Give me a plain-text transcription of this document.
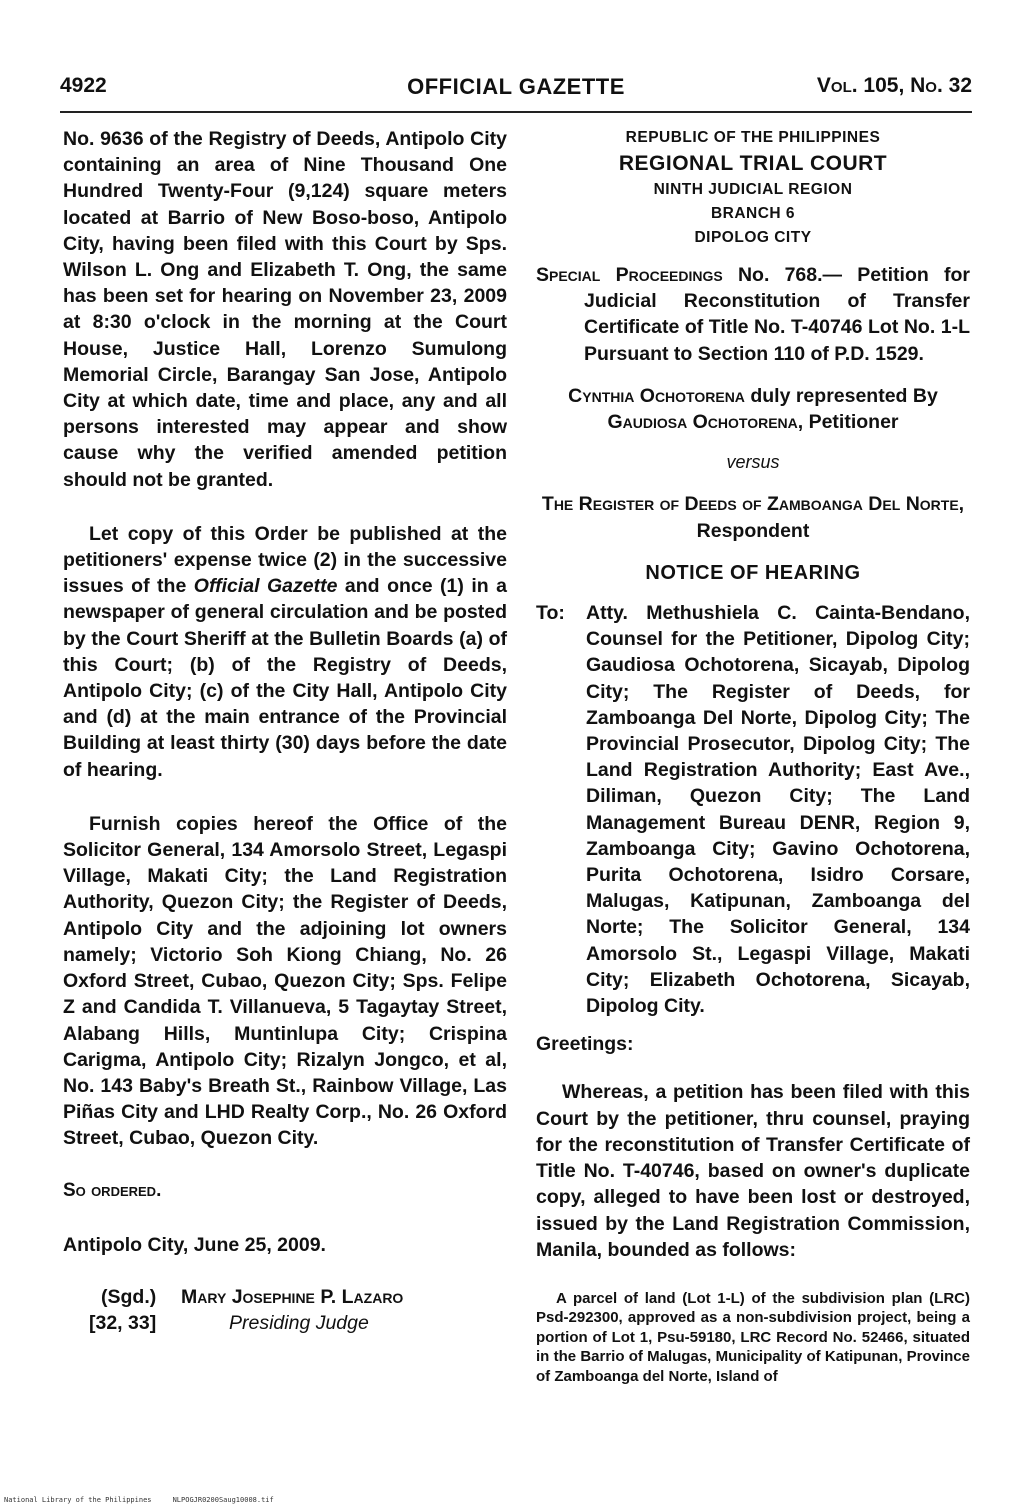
4922	OFFICIAL GAZETTE	Vol. 105, No. 32

No. 9636 of the Registry of Deeds, Antipolo City containing an area of Nine Thousand One Hundred Twenty-Four (9,124) square meters located at Barrio of New Boso-boso, Antipolo City, having been filed with this Court by Sps. Wilson L. Ong and Elizabeth T. Ong, the same has been set for hearing on November 23, 2009 at 8:30 o'clock in the morning at the Court House, Justice Hall, Lorenzo Sumulong Memorial Circle, Barangay San Jose, Antipolo City at which date, time and place, any and all persons interested may appear and show cause why the verified amended petition should not be granted.

Let copy of this Order be published at the petitioners' expense twice (2) in the successive issues of the Official Gazette and once (1) in a newspaper of general circulation and be posted by the Court Sheriff at the Bulletin Boards (a) of this Court; (b) of the Registry of Deeds, Antipolo City; (c) of the City Hall, Antipolo City and (d) at the main entrance of the Provincial Building at least thirty (30) days before the date of hearing.

Furnish copies hereof the Office of the Solicitor General, 134 Amorsolo Street, Legaspi Village, Makati City; the Land Registration Authority, Quezon City; the Register of Deeds, Antipolo City and the adjoining lot owners namely; Victorio Soh Kiong Chiang, No. 26 Oxford Street, Cubao, Quezon City; Sps. Felipe Z and Candida T. Villanueva, 5 Tagaytay Street, Alabang Hills, Muntinlupa City; Crispina Carigma, Antipolo City; Rizalyn Jongco, et al, No. 143 Baby's Breath St., Rainbow Village, Las Piñas City and LHD Realty Corp., No. 26 Oxford Street, Cubao, Quezon City.

So ordered.

Antipolo City, June 25, 2009.

(Sgd.) Mary Josephine P. Lazaro
[32, 33]	Presiding Judge
REPUBLIC OF THE PHILIPPINES
REGIONAL TRIAL COURT
NINTH JUDICIAL REGION
BRANCH 6
DIPOLOG CITY

Special Proceedings No. 768.— Petition for Judicial Reconstitution of Transfer Certificate of Title No. T-40746 Lot No. 1-L Pursuant to Section 110 of P.D. 1529.

Cynthia Ochotorena duly represented By Gaudiosa Ochotorena, Petitioner

versus

The Register of Deeds of Zamboanga Del Norte, Respondent

NOTICE OF HEARING

To:	Atty. Methushiela C. Cainta-Bendano, Counsel for the Petitioner, Dipolog City; Gaudiosa Ochotorena, Sicayab, Dipolog City; The Register of Deeds, for Zamboanga Del Norte, Dipolog City; The Provincial Prosecutor, Dipolog City; The Land Registration Authority; East Ave., Diliman, Quezon City; The Land Management Bureau DENR, Region 9, Zamboanga City; Gavino Ochotorena, Purita Ochotorena, Isidro Corsare, Malugas, Katipunan, Zamboanga del Norte; The Solicitor General, 134 Amorsolo St., Legaspi Village, Makati City; Elizabeth Ochotorena, Sicayab, Dipolog City.

Greetings:

Whereas, a petition has been filed with this Court by the petitioner, thru counsel, praying for the reconstitution of Transfer Certificate of Title No. T-40746, based on owner's duplicate copy, alleged to have been lost or destroyed, issued by the Land Registration Commission, Manila, bounded as follows:

A parcel of land (Lot 1-L) of the subdivision plan (LRC) Psd-292300, approved as a non-subdivision project, being a portion of Lot 1, Psu-59180, LRC Record No. 52466, situated in the Barrio of Malugas, Municipality of Katipunan, Province of Zamboanga del Norte, Island of

National Library of the Philippines	NLPOGJR0200Saug10008.tif
